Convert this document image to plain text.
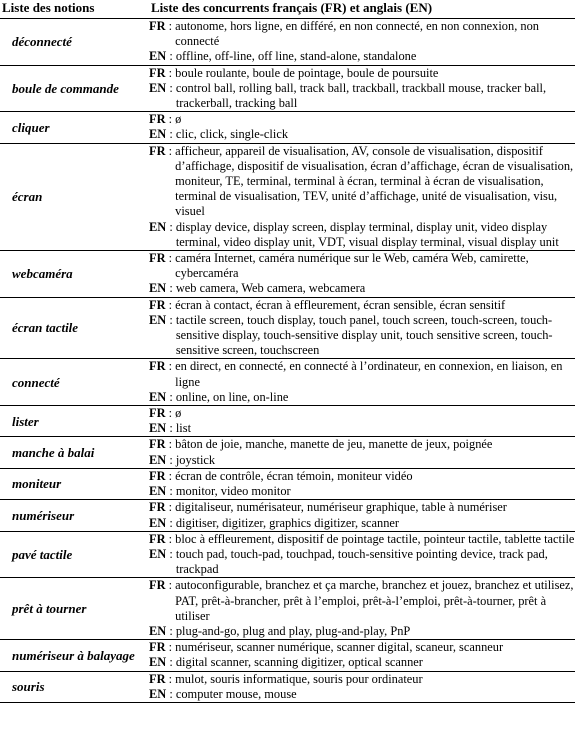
Liste des notions	Liste des concurrents français (FR) et anglais (EN)
déconnecté	FR : autonome, hors ligne, en différé, en non connecté, en non connexion, non connecté
EN : offline, off-line, off line, stand-alone, standalone

boule de commande	FR : boule roulante, boule de pointage, boule de poursuite
EN : control ball, rolling ball, track ball, trackball, trackball mouse, tracker ball, trackerball, tracking ball

cliquer	FR : ø
EN : clic, click, single-click

écran	FR : afficheur, appareil de visualisation, AV, console de visualisation, dispositif d’affichage, dispositif de visualisation, écran d’affichage, écran de visualisation, moniteur, TE, terminal, terminal à écran, terminal à écran de visualisation, terminal de visualisation, TEV, unité d’affichage, unité de visualisation, visu, visuel
EN : display device, display screen, display terminal, display unit, video display terminal, video display unit, VDT, visual display terminal, visual display unit

webcaméra	FR : caméra Internet, caméra numérique sur le Web, caméra Web, camirette, cybercaméra
EN : web camera, Web camera, webcamera

écran tactile	FR : écran à contact, écran à effleurement, écran sensible, écran sensitif
EN : tactile screen, touch display, touch panel, touch screen, touch-screen, touch-sensitive display, touch-sensitive display unit, touch sensitive screen, touch-sensitive screen, touchscreen

connecté	FR : en direct, en connecté, en connecté à l’ordinateur, en connexion, en liaison, en ligne
EN : online, on line, on-line

lister	FR : ø
EN : list

manche à balai	FR : bâton de joie, manche, manette de jeu, manette de jeux, poignée
EN : joystick

moniteur	FR : écran de contrôle, écran témoin, moniteur vidéo
EN : monitor, video monitor

numériseur	FR : digitaliseur, numérisateur, numériseur graphique, table à numériser
EN : digitiser, digitizer, graphics digitizer, scanner

pavé tactile	FR : bloc à effleurement, dispositif de pointage tactile, pointeur tactile, tablette tactile
EN : touch pad, touch-pad, touchpad, touch-sensitive pointing device, track pad, trackpad

prêt à tourner	FR : autoconfigurable, branchez et ça marche, branchez et jouez, branchez et utilisez, PAT, prêt-à-brancher, prêt à l’emploi, prêt-à-l’emploi, prêt-à-tourner, prêt à utiliser
EN : plug-and-go, plug and play, plug-and-play, PnP

numériseur à balayage	FR : numériseur, scanner numérique, scanner digital, scaneur, scanneur
EN : digital scanner, scanning digitizer, optical scanner

souris	FR : mulot, souris informatique, souris pour ordinateur
EN : computer mouse, mouse
